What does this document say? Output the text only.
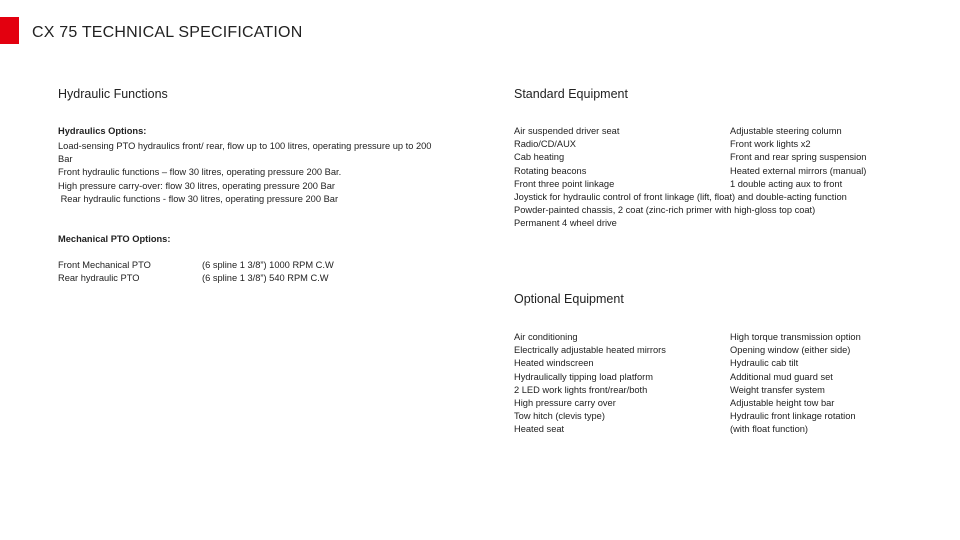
CX 75 TECHNICAL SPECIFICATION
Hydraulic Functions
Hydraulics Options:
Load-sensing PTO hydraulics front/ rear, flow up to 100 litres, operating pressure up to 200
Bar
Front hydraulic functions – flow 30 litres, operating pressure 200 Bar.
High pressure carry-over: flow 30 litres, operating pressure 200 Bar
Rear hydraulic functions - flow 30 litres, operating pressure 200 Bar
Mechanical PTO Options:
Front Mechanical PTO
Rear hydraulic PTO
(6 spline 1 3/8”) 1000 RPM C.W
(6 spline 1 3/8”) 540 RPM C.W
Standard Equipment
Air suspended driver seat
Radio/CD/AUX
Cab heating
Rotating beacons
Front three point linkage
Adjustable steering column
Front work lights x2
Front and rear spring suspension
Heated external mirrors (manual)
1 double acting aux to front
Joystick for hydraulic control of front linkage (lift, float) and double-acting function
Powder-painted chassis, 2 coat (zinc-rich primer with high-gloss top coat)
Permanent 4 wheel drive
Optional Equipment
Air conditioning
Electrically adjustable heated mirrors
Heated windscreen
Hydraulically tipping load platform
2 LED work lights front/rear/both
High pressure carry over
Tow hitch (clevis type)
Heated seat
High torque transmission option
Opening window (either side)
Hydraulic cab tilt
Additional mud guard set
Weight transfer system
Adjustable height tow bar
Hydraulic front linkage rotation
(with float function)
